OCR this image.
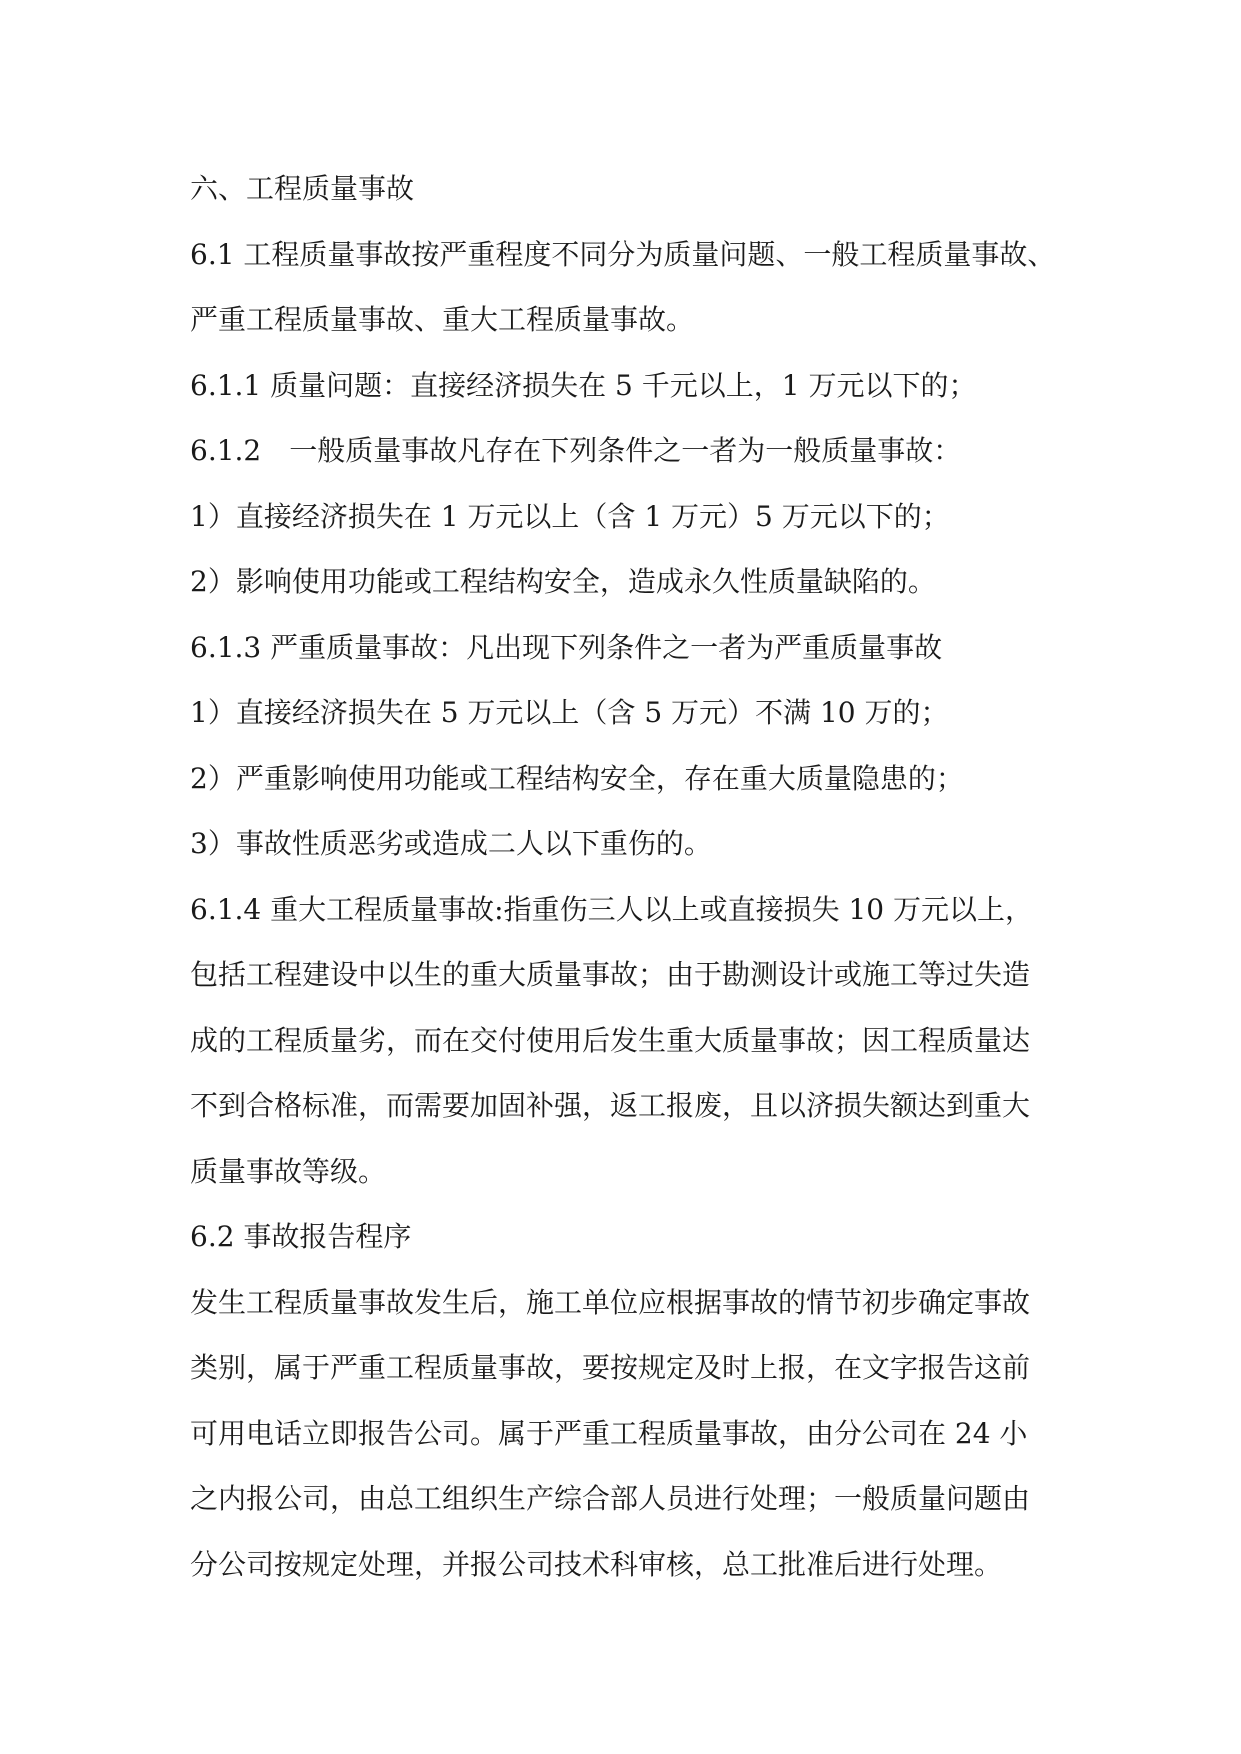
六、工程质量事故

6.1 工程质量事故按严重程度不同分为质量问题、一般工程质量事故、

严重工程质量事故、重大工程质量事故。

6.1.1 质量问题：直接经济损失在 5 千元以上，1 万元以下的；

6.1.2　一般质量事故凡存在下列条件之一者为一般质量事故：

1）直接经济损失在 1 万元以上（含 1 万元）5 万元以下的；

2）影响使用功能或工程结构安全，造成永久性质量缺陷的。

6.1.3 严重质量事故：凡出现下列条件之一者为严重质量事故

1）直接经济损失在 5 万元以上（含 5 万元）不满 10 万的；

2）严重影响使用功能或工程结构安全，存在重大质量隐患的；

3）事故性质恶劣或造成二人以下重伤的。

6.1.4 重大工程质量事故:指重伤三人以上或直接损失 10 万元以上，

包括工程建设中以生的重大质量事故；由于勘测设计或施工等过失造

成的工程质量劣，而在交付使用后发生重大质量事故；因工程质量达

不到合格标准，而需要加固补强，返工报废，且以济损失额达到重大

质量事故等级。

6.2 事故报告程序

发生工程质量事故发生后，施工单位应根据事故的情节初步确定事故

类别，属于严重工程质量事故，要按规定及时上报，在文字报告这前

可用电话立即报告公司。属于严重工程质量事故，由分公司在 24 小

之内报公司，由总工组织生产综合部人员进行处理；一般质量问题由

分公司按规定处理，并报公司技术科审核，总工批准后进行处理。
